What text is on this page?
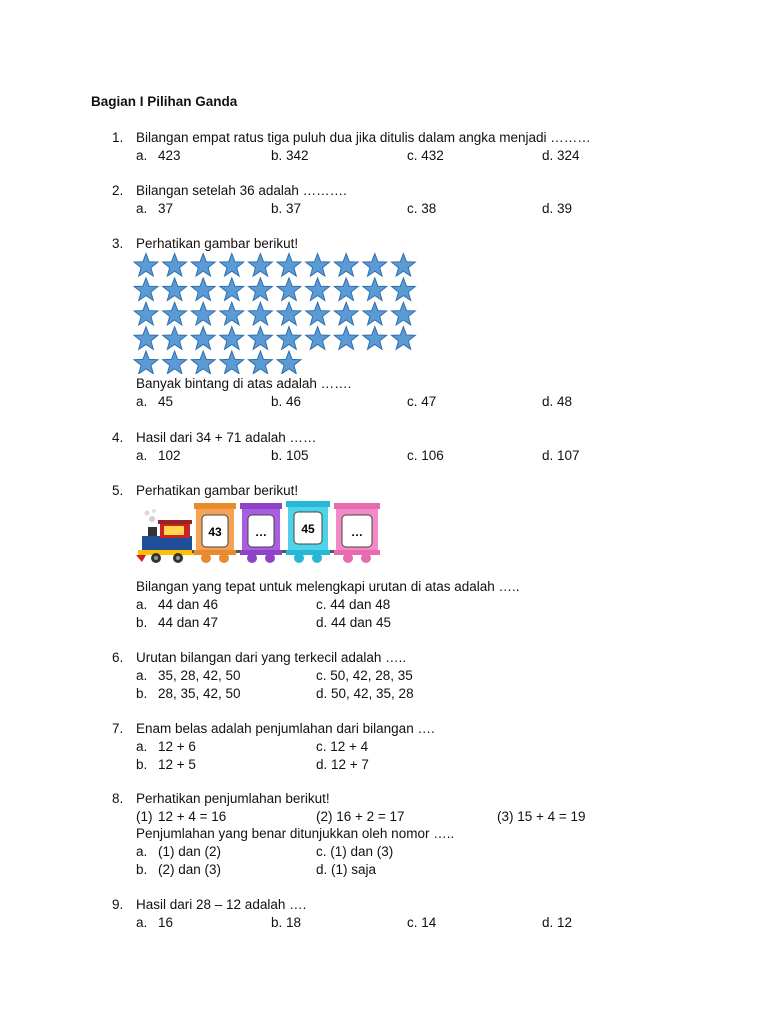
Bagian I Pilihan Ganda
1. Bilangan empat ratus tiga puluh dua jika ditulis dalam angka menjadi ………
a. 423	b. 342	c. 432	d. 324
2. Bilangan setelah 36 adalah ……….
a. 37	b. 37	c. 38	d. 39
3. Perhatikan gambar berikut!
Banyak bintang di atas adalah …….
a. 45	b. 46	c. 47	d. 48
4. Hasil dari 34 + 71 adalah ……
a. 102	b. 105	c. 106	d. 107
5. Perhatikan gambar berikut!
43	…	45	…
Bilangan yang tepat untuk melengkapi urutan di atas adalah …..
a. 44 dan 46	c. 44 dan 48
b. 44 dan 47	d. 44 dan 45
6. Urutan bilangan dari yang terkecil adalah …..
a. 35, 28, 42, 50	c. 50, 42, 28, 35
b. 28, 35, 42, 50	d. 50, 42, 35, 28
7. Enam belas adalah penjumlahan dari bilangan ….
a. 12 + 6	c. 12 + 4
b. 12 + 5	d. 12 + 7
8. Perhatikan penjumlahan berikut!
(1) 12 + 4 = 16	(2) 16 + 2 = 17	(3) 15 + 4 = 19
Penjumlahan yang benar ditunjukkan oleh nomor …..
a. (1) dan (2)	c. (1) dan (3)
b. (2) dan (3)	d. (1) saja
9. Hasil dari 28 – 12 adalah ….
a. 16	b. 18	c. 14	d. 12
